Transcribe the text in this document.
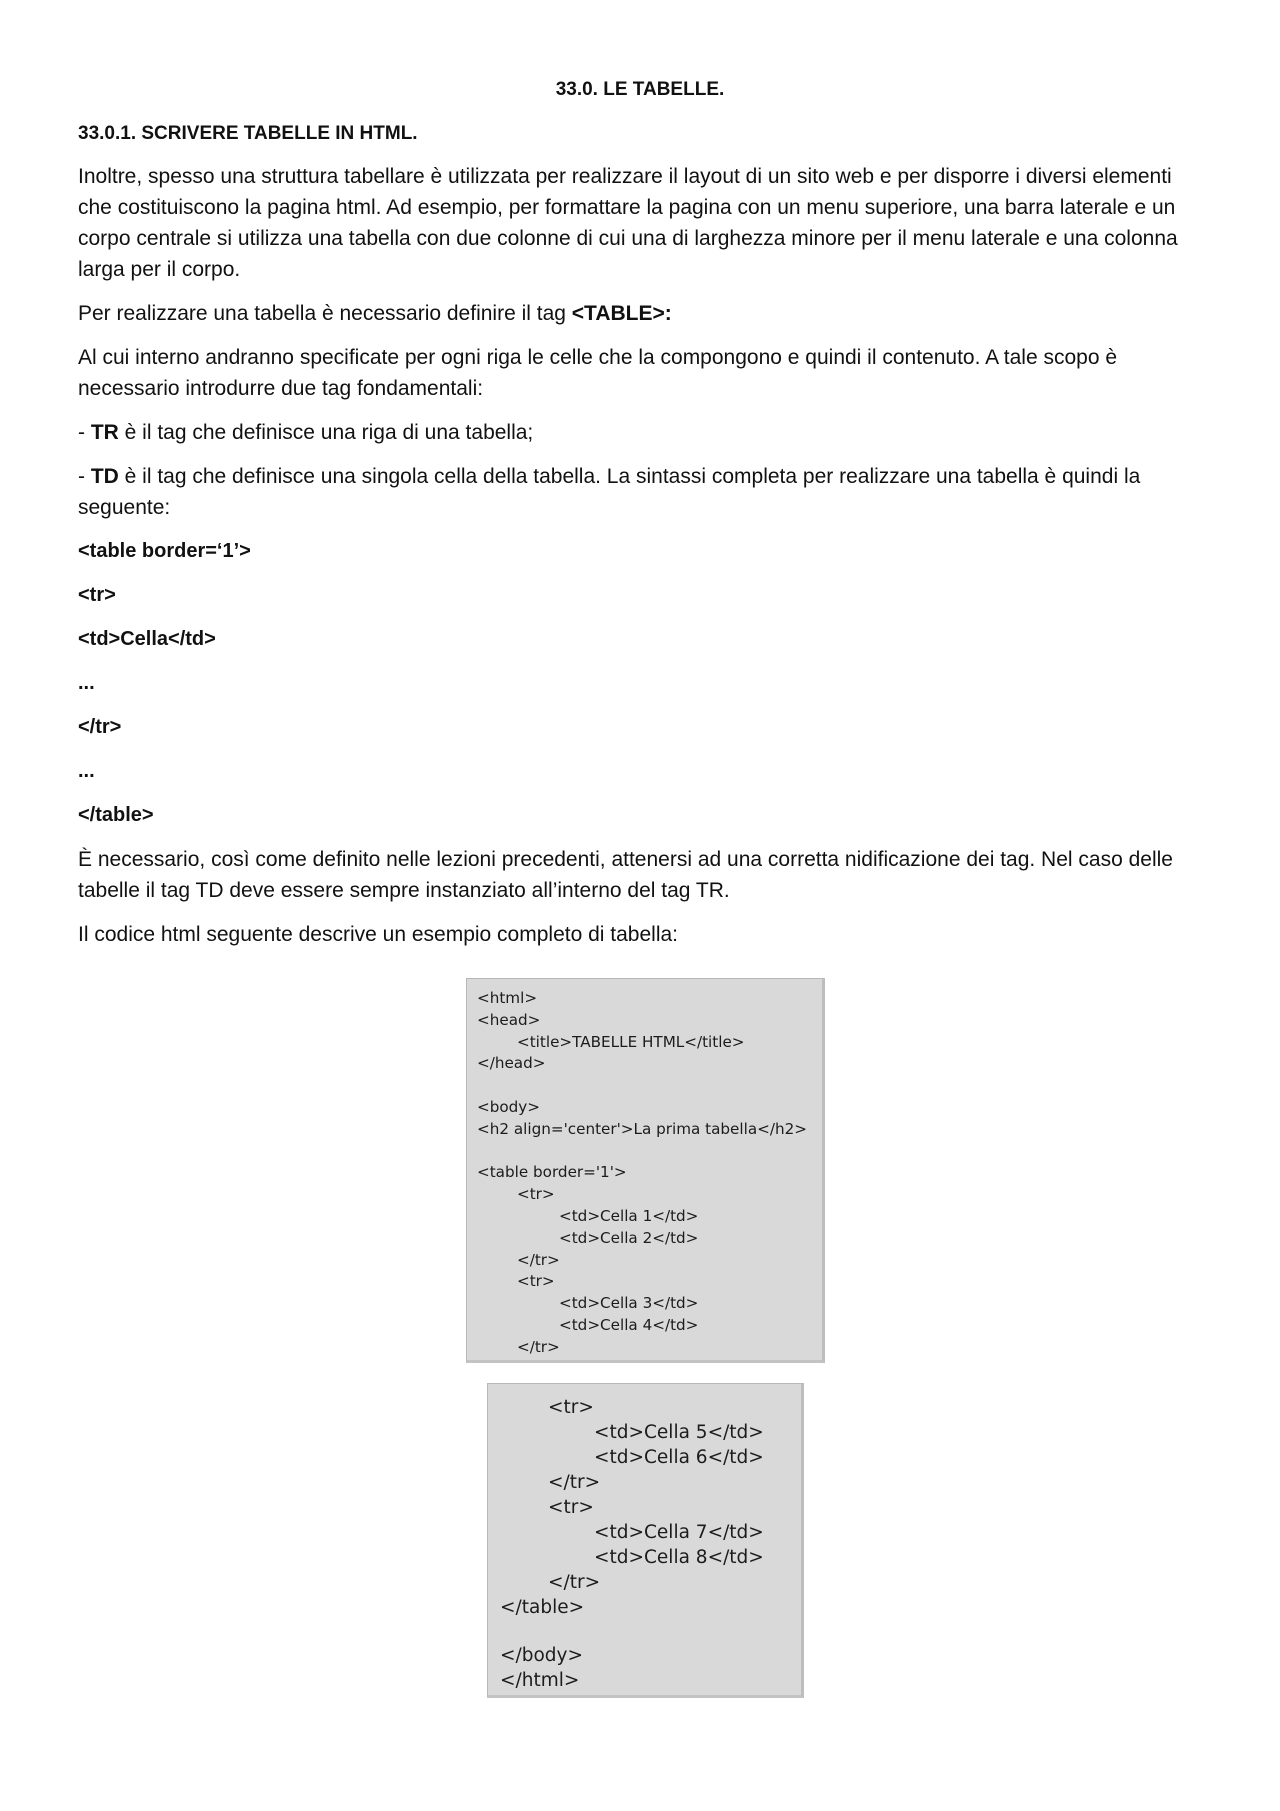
33.0. LE TABELLE.
33.0.1. SCRIVERE TABELLE IN HTML.

Inoltre, spesso una struttura tabellare è utilizzata per realizzare il layout di un sito web e per disporre i diversi elementi che costituiscono la pagina html. Ad esempio, per formattare la pagina con un menu superiore, una barra laterale e un corpo centrale si utilizza una tabella con due colonne di cui una di larghezza minore per il menu laterale e una colonna larga per il corpo.

Per realizzare una tabella è necessario definire il tag <TABLE>:

Al cui interno andranno specificate per ogni riga le celle che la compongono e quindi il contenuto. A tale scopo è necessario introdurre due tag fondamentali:

- TR è il tag che definisce una riga di una tabella;

- TD è il tag che definisce una singola cella della tabella. La sintassi completa per realizzare una tabella è quindi la seguente:

<table border=‘1’>

<tr>

<td>Cella</td>

...

</tr>

...

</table>

È necessario, così come definito nelle lezioni precedenti, attenersi ad una corretta nidificazione dei tag. Nel caso delle tabelle il tag TD deve essere sempre instanziato all’interno del tag TR.

Il codice html seguente descrive un esempio completo di tabella:

<html>
<head>
<title>TABELLE HTML</title>
</head>
<body>
<h2 align='center'>La prima tabella</h2>
<table border='1'>
<tr>
<td>Cella 1</td>
<td>Cella 2</td>
</tr>
<tr>
<td>Cella 3</td>
<td>Cella 4</td>
</tr>
<tr>
<td>Cella 5</td>
<td>Cella 6</td>
</tr>
<tr>
<td>Cella 7</td>
<td>Cella 8</td>
</tr>
</table>
</body>
</html>
